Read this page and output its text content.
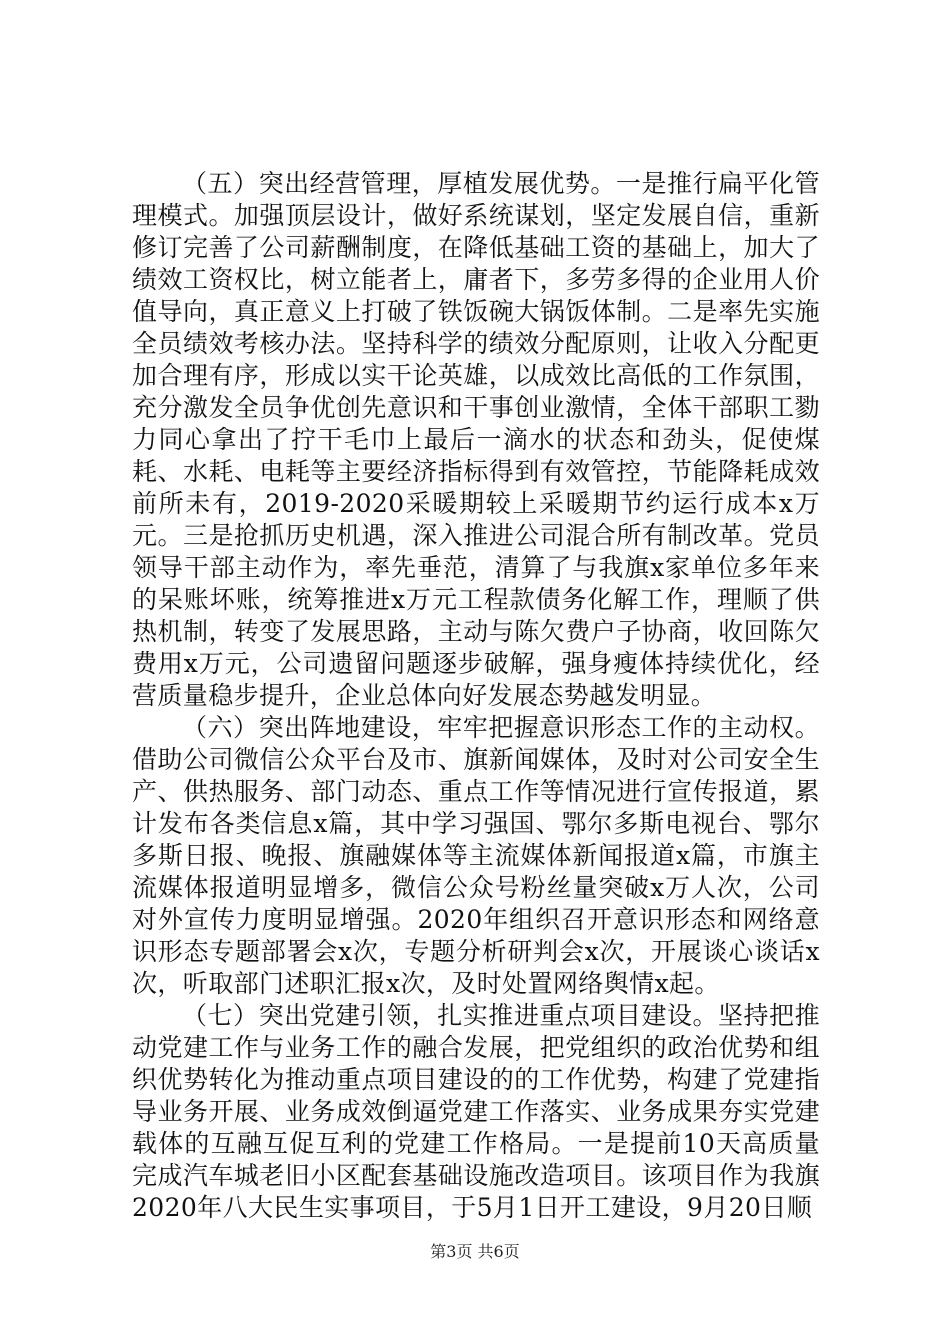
（五）突出经营管理，厚植发展优势。一是推行扁平化管理模式。加强顶层设计，做好系统谋划，坚定发展自信，重新修订完善了公司薪酬制度，在降低基础工资的基础上，加大了绩效工资权比，树立能者上，庸者下，多劳多得的企业用人价值导向，真正意义上打破了铁饭碗大锅饭体制。二是率先实施全员绩效考核办法。坚持科学的绩效分配原则，让收入分配更加合理有序，形成以实干论英雄，以成效比高低的工作氛围，充分激发全员争优创先意识和干事创业激情，全体干部职工勠力同心拿出了拧干毛巾上最后一滴水的状态和劲头，促使煤耗、水耗、电耗等主要经济指标得到有效管控，节能降耗成效前所未有，2019-2020采暖期较上采暖期节约运行成本x万元。三是抢抓历史机遇，深入推进公司混合所有制改革。党员领导干部主动作为，率先垂范，清算了与我旗x家单位多年来的呆账坏账，统筹推进x万元工程款债务化解工作，理顺了供热机制，转变了发展思路，主动与陈欠费户子协商，收回陈欠费用x万元，公司遗留问题逐步破解，强身瘦体持续优化，经营质量稳步提升，企业总体向好发展态势越发明显。

（六）突出阵地建设，牢牢把握意识形态工作的主动权。借助公司微信公众平台及市、旗新闻媒体，及时对公司安全生产、供热服务、部门动态、重点工作等情况进行宣传报道，累计发布各类信息x篇，其中学习强国、鄂尔多斯电视台、鄂尔多斯日报、晚报、旗融媒体等主流媒体新闻报道x篇，市旗主流媒体报道明显增多，微信公众号粉丝量突破x万人次，公司对外宣传力度明显增强。2020年组织召开意识形态和网络意识形态专题部署会x次，专题分析研判会x次，开展谈心谈话x次，听取部门述职汇报x次，及时处置网络舆情x起。

（七）突出党建引领，扎实推进重点项目建设。坚持把推动党建工作与业务工作的融合发展，把党组织的政治优势和组织优势转化为推动重点项目建设的的工作优势，构建了党建指导业务开展、业务成效倒逼党建工作落实、业务成果夯实党建载体的互融互促互利的党建工作格局。一是提前10天高质量完成汽车城老旧小区配套基础设施改造项目。该项目作为我旗2020年八大民生实事项目，于5月1日开工建设，9月20日顺

第3页 共6页
